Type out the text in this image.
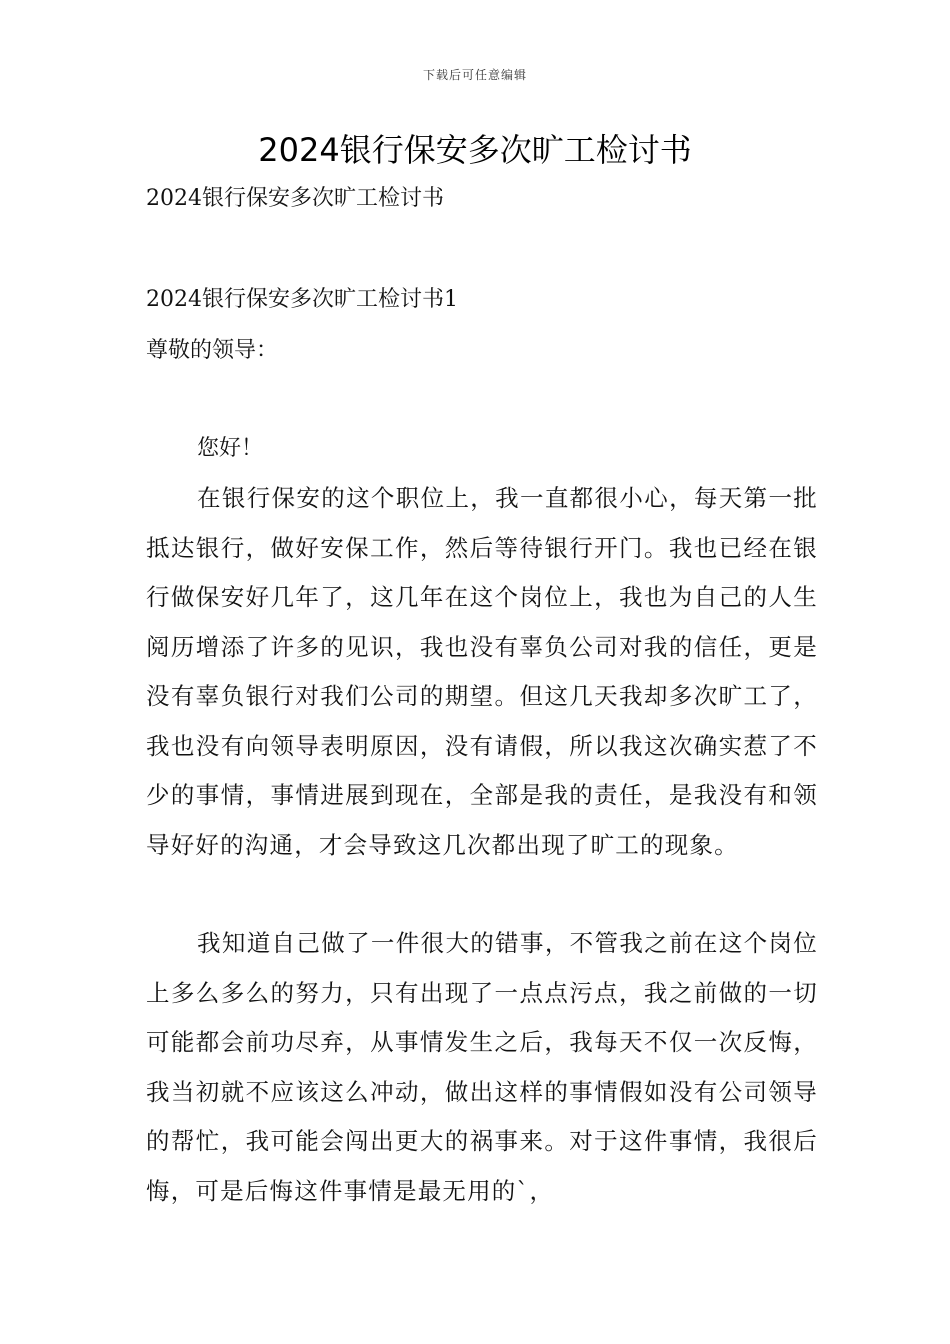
下载后可任意编辑
2024银行保安多次旷工检讨书
2024银行保安多次旷工检讨书
2024银行保安多次旷工检讨书1
尊敬的领导：
您好！

在银行保安的这个职位上，我一直都很小心，每天第一批抵达银行，做好安保工作，然后等待银行开门。我也已经在银行做保安好几年了，这几年在这个岗位上，我也为自己的人生阅历增添了许多的见识，我也没有辜负公司对我的信任，更是没有辜负银行对我们公司的期望。但这几天我却多次旷工了，我也没有向领导表明原因，没有请假，所以我这次确实惹了不少的事情，事情进展到现在，全部是我的责任，是我没有和领导好好的沟通，才会导致这几次都出现了旷工的现象。

我知道自己做了一件很大的错事，不管我之前在这个岗位上多么多么的努力，只有出现了一点点污点，我之前做的一切可能都会前功尽弃，从事情发生之后，我每天不仅一次反悔，我当初就不应该这么冲动，做出这样的事情假如没有公司领导的帮忙，我可能会闯出更大的祸事来。对于这件事情，我很后悔，可是后悔这件事情是最无用的`，
